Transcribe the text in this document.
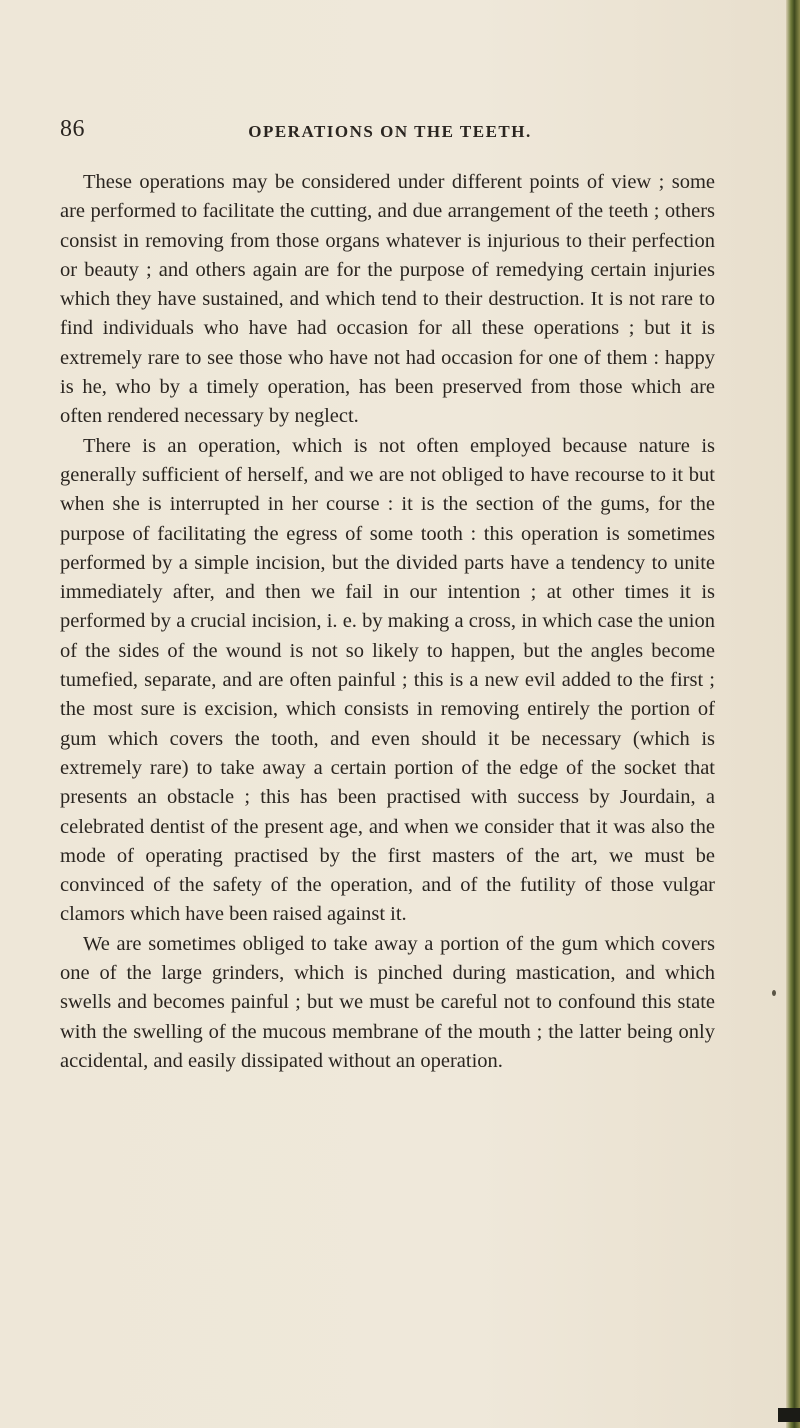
86	OPERATIONS ON THE TEETH.

These operations may be considered under different points of view ; some are performed to facilitate the cutting, and due arrangement of the teeth ; others consist in removing from those organs whatever is injurious to their perfection or beauty ; and others again are for the purpose of remedying certain injuries which they have sustained, and which tend to their destruction. It is not rare to find individuals who have had occasion for all these operations ; but it is extremely rare to see those who have not had occasion for one of them : happy is he, who by a timely operation, has been preserved from those which are often rendered necessary by neglect.

There is an operation, which is not often employed because nature is generally sufficient of herself, and we are not obliged to have recourse to it but when she is interrupted in her course : it is the section of the gums, for the purpose of facilitating the egress of some tooth : this operation is sometimes performed by a simple incision, but the divided parts have a tendency to unite immediately after, and then we fail in our intention ; at other times it is performed by a crucial incision, i. e. by making a cross, in which case the union of the sides of the wound is not so likely to happen, but the angles become tumefied, separate, and are often painful ; this is a new evil added to the first ; the most sure is excision, which consists in removing entirely the portion of gum which covers the tooth, and even should it be necessary (which is extremely rare) to take away a certain portion of the edge of the socket that presents an obstacle ; this has been practised with success by Jourdain, a celebrated dentist of the present age, and when we consider that it was also the mode of operating practised by the first masters of the art, we must be convinced of the safety of the operation, and of the futility of those vulgar clamors which have been raised against it.

We are sometimes obliged to take away a portion of the gum which covers one of the large grinders, which is pinched during mastication, and which swells and becomes painful ; but we must be careful not to confound this state with the swelling of the mucous membrane of the mouth ; the latter being only accidental, and easily dissipated without an operation.
